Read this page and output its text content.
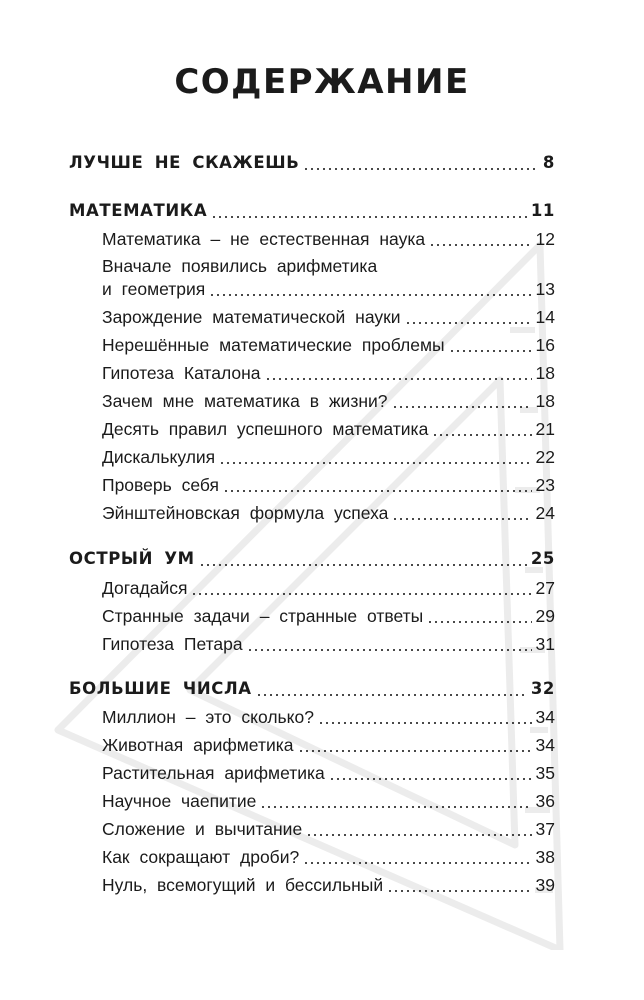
СОДЕРЖАНИЕ
ЛУЧШЕ НЕ СКАЖЕШЬ	8
МАТЕМАТИКА	11
Математика – не естественная наука	12
Вначале появились арифметика
и геометрия	13
Зарождение математической науки	14
Нерешённые математические проблемы	16
Гипотеза Каталона	18
Зачем мне математика в жизни?	18
Десять правил успешного математика	21
Дискалькулия	22
Проверь себя	23
Эйнштейновская формула успеха	24
ОСТРЫЙ УМ	25
Догадайся	27
Странные задачи – странные ответы	29
Гипотеза Петара	31
БОЛЬШИЕ ЧИСЛА	32
Миллион – это сколько?	34
Животная арифметика	34
Растительная арифметика	35
Научное чаепитие	36
Сложение и вычитание	37
Как сокращают дроби?	38
Нуль, всемогущий и бессильный	39
